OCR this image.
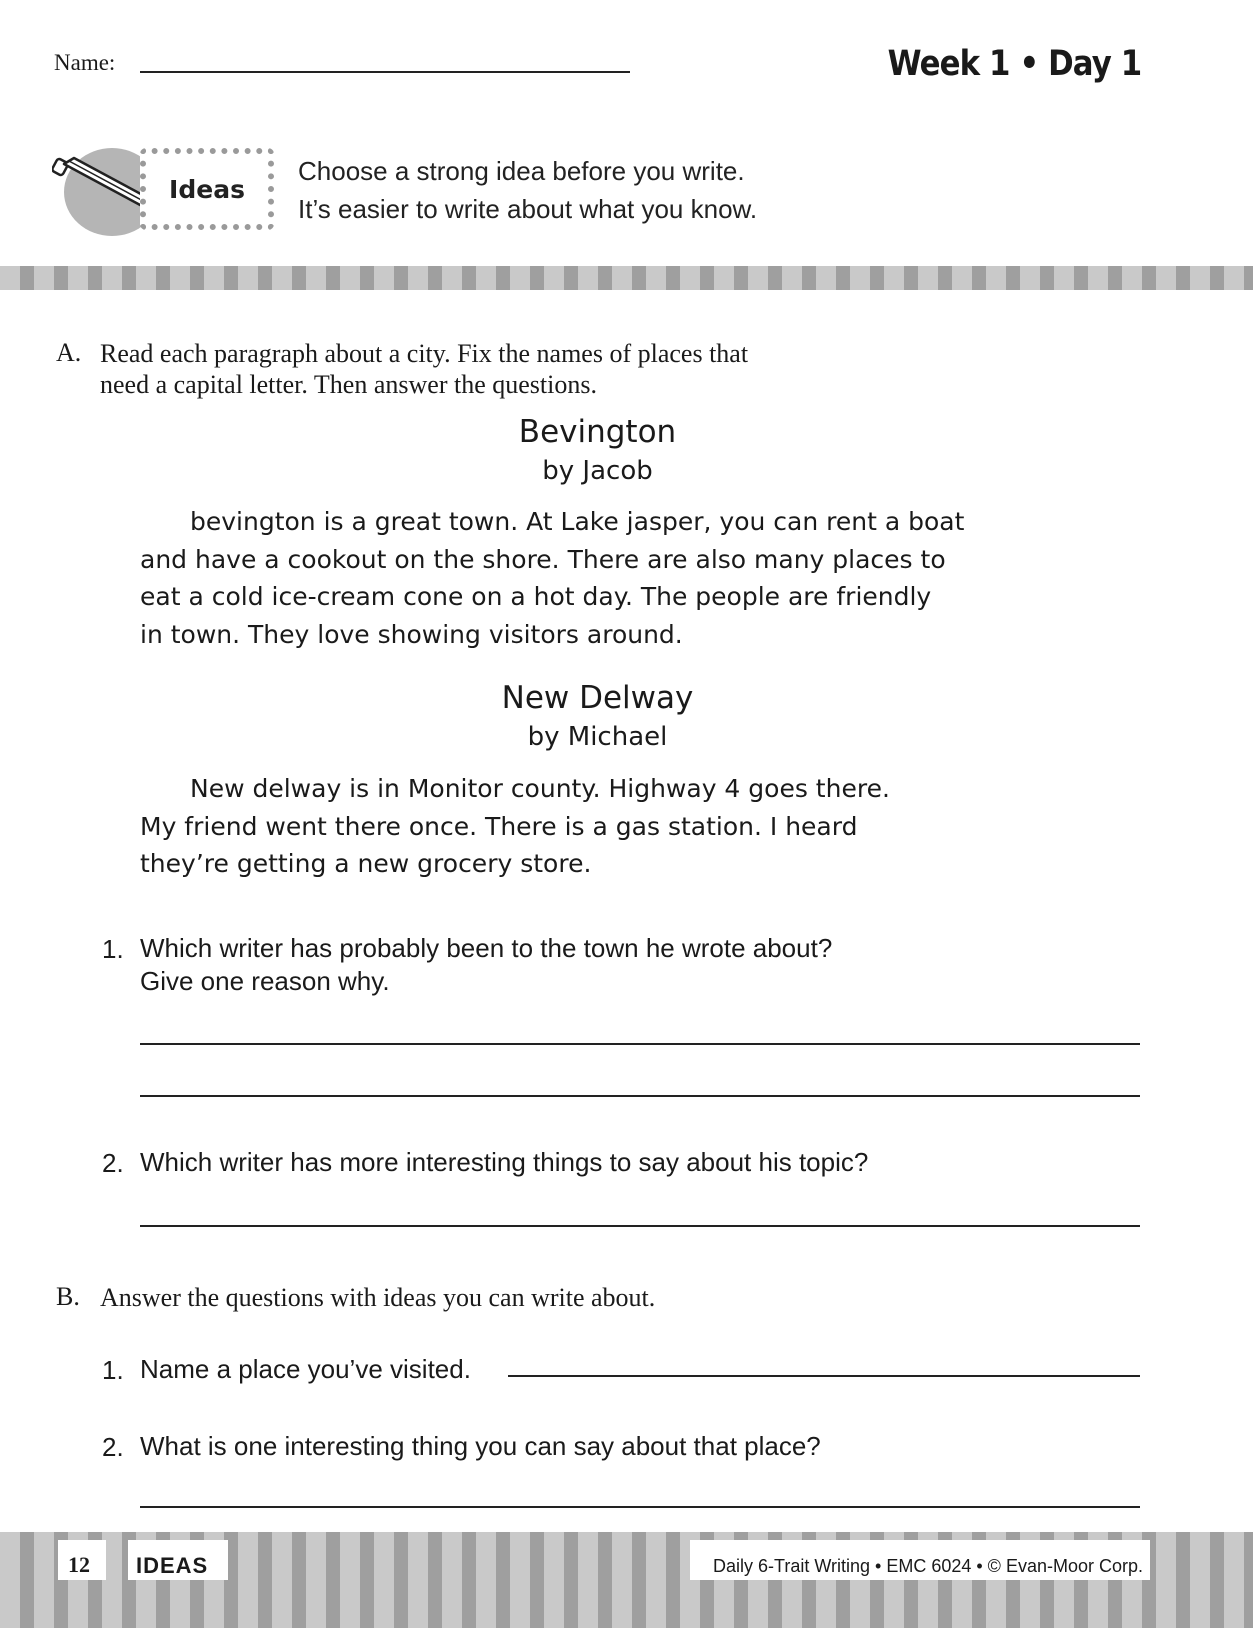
Name:	Week 1 • Day 1
Ideas
Choose a strong idea before you write.
It’s easier to write about what you know.
A. Read each paragraph about a city. Fix the names of places that
need a capital letter. Then answer the questions.
Bevington
by Jacob
bevington is a great town. At Lake jasper, you can rent a boat
and have a cookout on the shore. There are also many places to
eat a cold ice-cream cone on a hot day. The people are friendly
in town. They love showing visitors around.
New Delway
by Michael
New delway is in Monitor county. Highway 4 goes there.
My friend went there once. There is a gas station. I heard
they’re getting a new grocery store.
1. Which writer has probably been to the town he wrote about?
Give one reason why.
2. Which writer has more interesting things to say about his topic?
B. Answer the questions with ideas you can write about.
1. Name a place you’ve visited.
2. What is one interesting thing you can say about that place?
12 IDEAS	Daily 6-Trait Writing • EMC 6024 • © Evan-Moor Corp.
